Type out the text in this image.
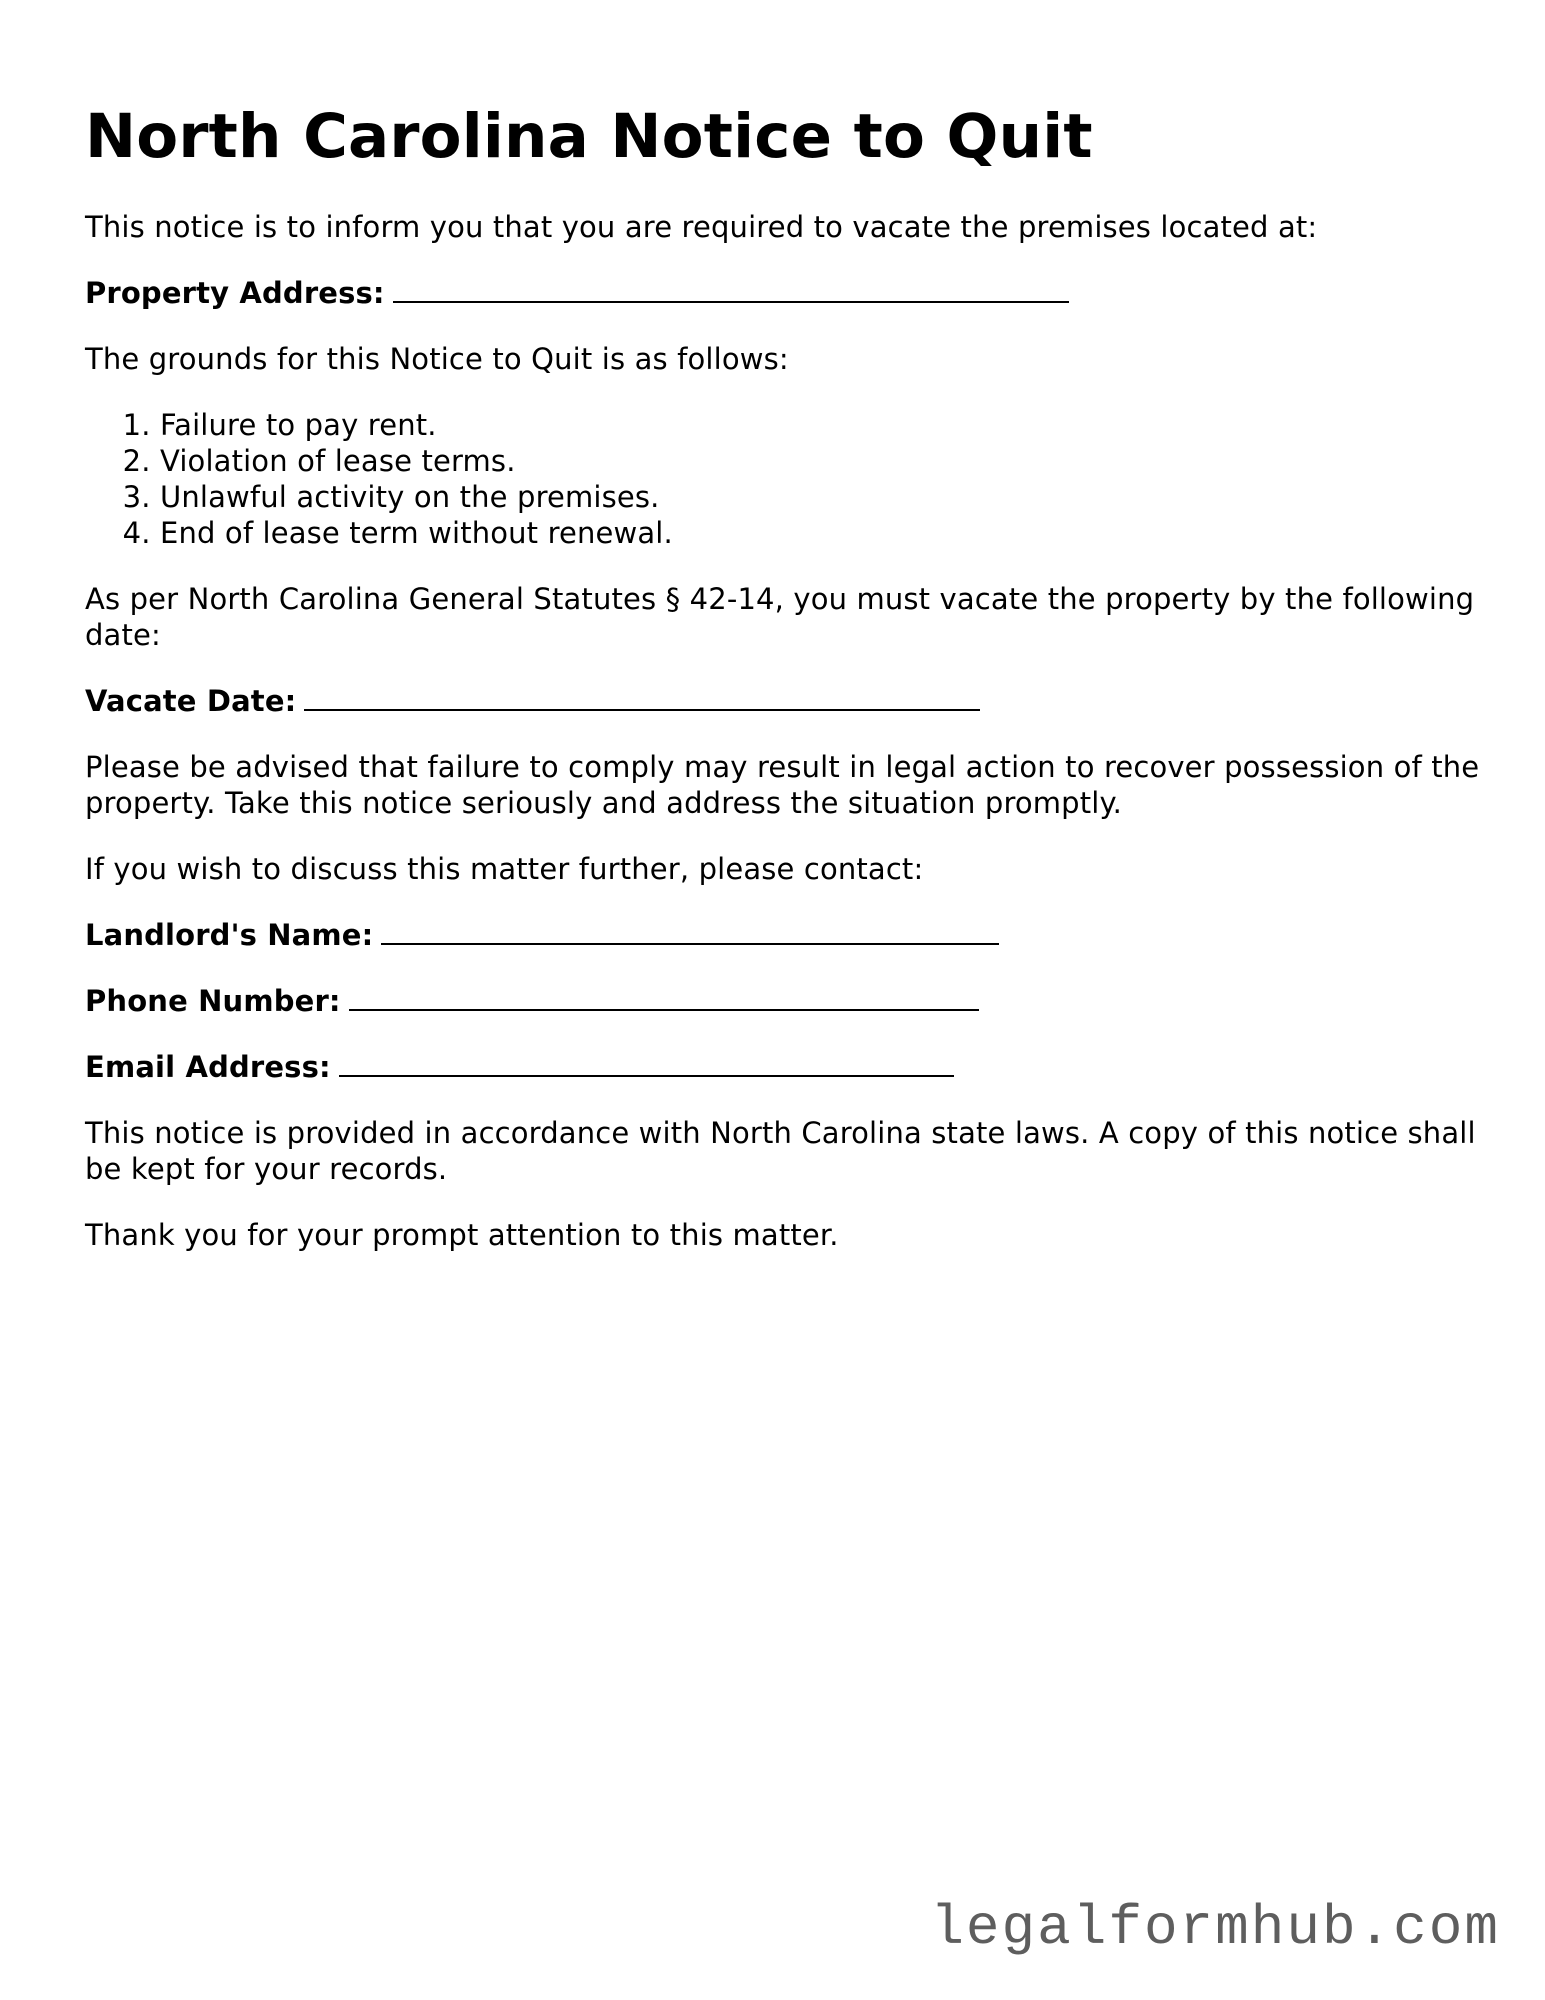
North Carolina Notice to Quit

This notice is to inform you that you are required to vacate the premises located at:

Property Address:

The grounds for this Notice to Quit is as follows:

1. Failure to pay rent.
2. Violation of lease terms.
3. Unlawful activity on the premises.
4. End of lease term without renewal.

As per North Carolina General Statutes § 42-14, you must vacate the property by the following date:

Vacate Date:

Please be advised that failure to comply may result in legal action to recover possession of the property. Take this notice seriously and address the situation promptly.

If you wish to discuss this matter further, please contact:

Landlord's Name:
Phone Number:
Email Address:

This notice is provided in accordance with North Carolina state laws. A copy of this notice shall be kept for your records.

Thank you for your prompt attention to this matter.

legalformhub.com
